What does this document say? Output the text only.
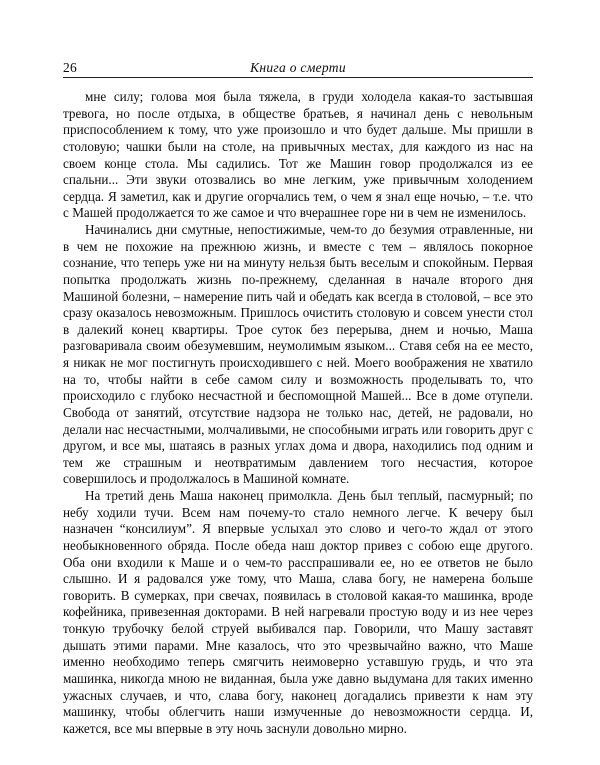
26	Книга о смерти

мне силу; голова моя была тяжела, в груди холодела какая-то застывшая тревога, но после отдыха, в обществе братьев, я начинал день с невольным приспособлением к тому, что уже произошло и что будет дальше. Мы пришли в столовую; чашки были на столе, на привычных местах, для каждого из нас на своем конце стола. Мы садились. Тот же Машин говор продолжался из ее спальни... Эти звуки отозвались во мне легким, уже привычным холодением сердца. Я заметил, как и другие огорчались тем, о чем я знал еще ночью, – т.е. что с Машей продолжается то же самое и что вчерашнее горе ни в чем не изменилось.

Начинались дни смутные, непостижимые, чем-то до безумия отравленные, ни в чем не похожие на прежнюю жизнь, и вместе с тем – являлось покорное сознание, что теперь уже ни на минуту нельзя быть веселым и спокойным. Первая попытка продолжать жизнь по-прежнему, сделанная в начале второго дня Машиной болезни, – намерение пить чай и обедать как всегда в столовой, – все это сразу оказалось невозможным. Пришлось очистить столовую и совсем унести стол в далекий конец квартиры. Трое суток без перерыва, днем и ночью, Маша разговаривала своим обезумевшим, неумолимым языком... Ставя себя на ее место, я никак не мог постигнуть происходившего с ней. Моего воображения не хватило на то, чтобы найти в себе самом силу и возможность проделывать то, что происходило с глубоко несчастной и беспомощной Машей... Все в доме отупели. Свобода от занятий, отсутствие надзора не только нас, детей, не радовали, но делали нас несчастными, молчаливыми, не способными играть или говорить друг с другом, и все мы, шатаясь в разных углах дома и двора, находились под одним и тем же страшным и неотвратимым давлением того несчастия, которое совершилось и продолжалось в Машиной комнате.

На третий день Маша наконец примолкла. День был теплый, пасмурный; по небу ходили тучи. Всем нам почему-то стало немного легче. К вечеру был назначен “консилиум”. Я впервые услыхал это слово и чего-то ждал от этого необыкновенного обряда. После обеда наш доктор привез с собою еще другого. Оба они входили к Маше и о чем-то расспрашивали ее, но ее ответов не было слышно. И я радовался уже тому, что Маша, слава богу, не намерена больше говорить. В сумерках, при свечах, появилась в столовой какая-то машинка, вроде кофейника, привезенная докторами. В ней нагревали простую воду и из нее через тонкую трубочку белой струей выбивался пар. Говорили, что Машу заставят дышать этими парами. Мне казалось, что это чрезвычайно важно, что Маше именно необходимо теперь смягчить неимоверно уставшую грудь, и что эта машинка, никогда мною не виданная, была уже давно выдумана для таких именно ужасных случаев, и что, слава богу, наконец догадались привезти к нам эту машинку, чтобы облегчить наши измученные до невозможности сердца. И, кажется, все мы впервые в эту ночь заснули довольно мирно.
